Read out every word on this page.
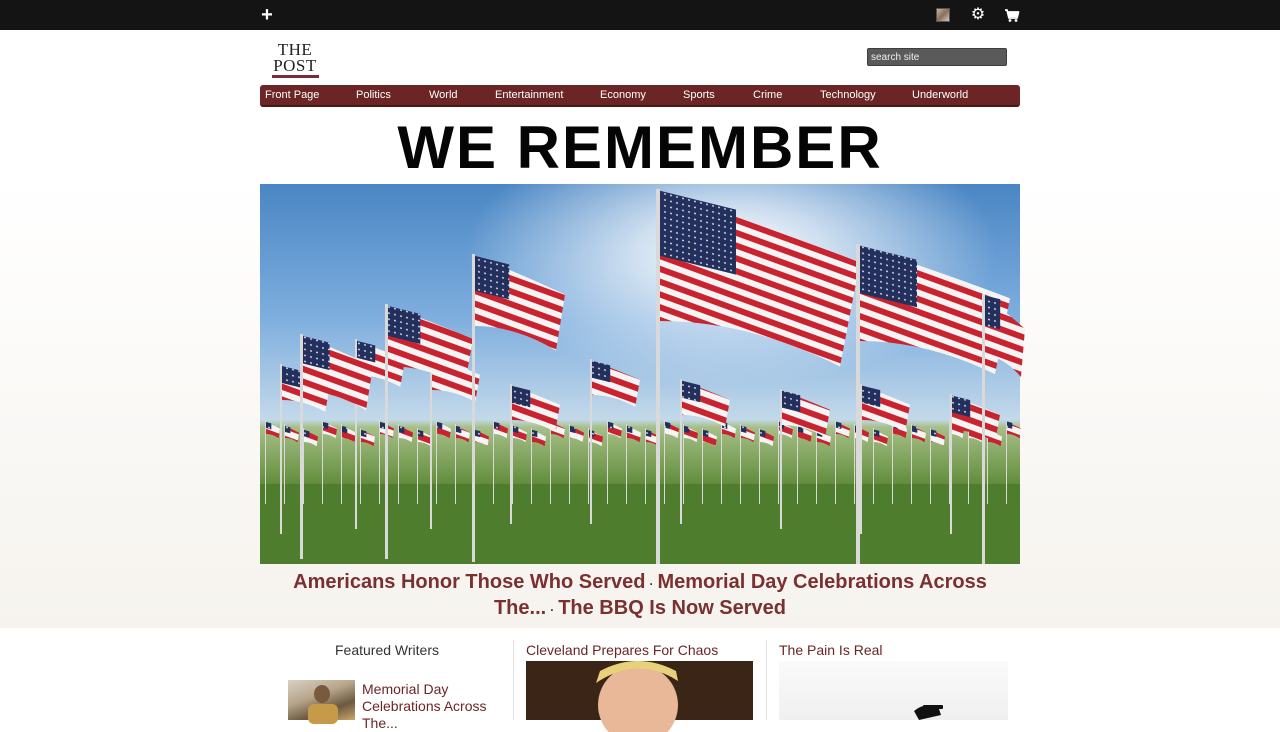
+	⚙
THE
POST
search site
Front Page	Politics	World	Entertainment	Economy	Sports	Crime	Technology	Underworld
WE REMEMBER
Americans Honor Those Who Served · Memorial Day Celebrations Across The... · The BBQ Is Now Served
Featured Writers
Memorial Day Celebrations Across The...
Cleveland Prepares For Chaos	The Pain Is Real
